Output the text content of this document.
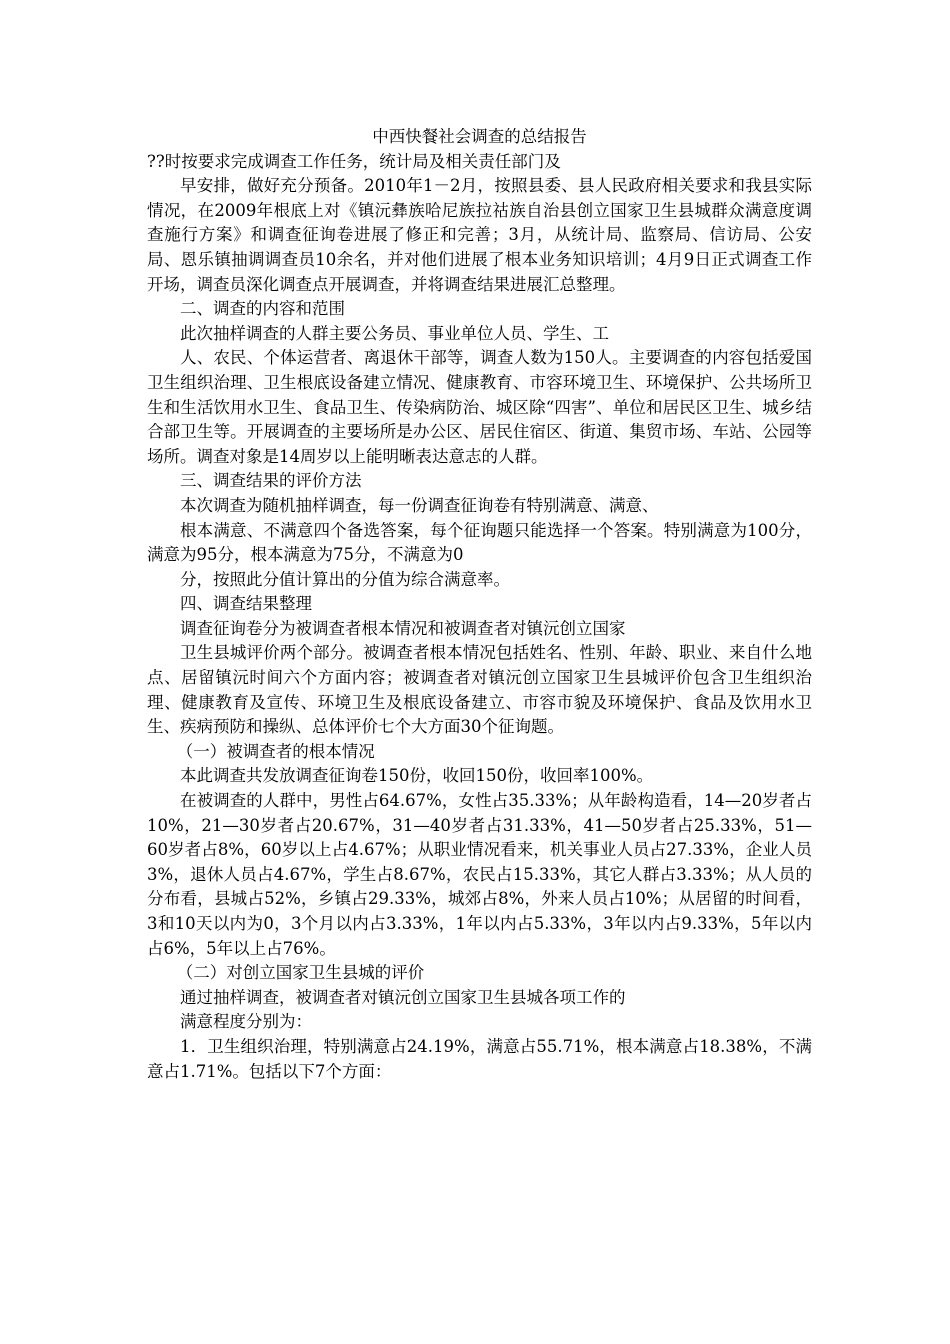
中西快餐社会调查的总结报告

??时按要求完成调查工作任务，统计局及相关责任部门及

早安排，做好充分预备。2010年1－2月，按照县委、县人民政府相关要求和我县实际情况，在2009年根底上对《镇沅彝族哈尼族拉祜族自治县创立国家卫生县城群众满意度调查施行方案》和调查征询卷进展了修正和完善；3月，从统计局、监察局、信访局、公安局、恩乐镇抽调调查员10余名，并对他们进展了根本业务知识培训；4月9日正式调查工作开场，调查员深化调查点开展调查，并将调查结果进展汇总整理。

二、调查的内容和范围

此次抽样调查的人群主要公务员、事业单位人员、学生、工

人、农民、个体运营者、离退休干部等，调查人数为150人。主要调查的内容包括爱国卫生组织治理、卫生根底设备建立情况、健康教育、市容环境卫生、环境保护、公共场所卫生和生活饮用水卫生、食品卫生、传染病防治、城区除“四害”、单位和居民区卫生、城乡结合部卫生等。开展调查的主要场所是办公区、居民住宿区、街道、集贸市场、车站、公园等场所。调查对象是14周岁以上能明晰表达意志的人群。

三、调查结果的评价方法

本次调查为随机抽样调查，每一份调查征询卷有特别满意、满意、

根本满意、不满意四个备选答案，每个征询题只能选择一个答案。特别满意为100分，满意为95分，根本满意为75分，不满意为0

分，按照此分值计算出的分值为综合满意率。

四、调查结果整理

调查征询卷分为被调查者根本情况和被调查者对镇沅创立国家

卫生县城评价两个部分。被调查者根本情况包括姓名、性别、年龄、职业、来自什么地点、居留镇沅时间六个方面内容；被调查者对镇沅创立国家卫生县城评价包含卫生组织治理、健康教育及宣传、环境卫生及根底设备建立、市容市貌及环境保护、食品及饮用水卫生、疾病预防和操纵、总体评价七个大方面30个征询题。

（一）被调查者的根本情况

本此调查共发放调查征询卷150份，收回150份，收回率100%。

在被调查的人群中，男性占64.67%，女性占35.33%；从年龄构造看，14—20岁者占10%，21—30岁者占20.67%，31—40岁者占31.33%，41—50岁者占25.33%，51—60岁者占8%，60岁以上占4.67%；从职业情况看来，机关事业人员占27.33%，企业人员3%，退休人员占4.67%，学生占8.67%，农民占15.33%，其它人群占3.33%；从人员的分布看，县城占52%，乡镇占29.33%，城郊占8%，外来人员占10%；从居留的时间看，3和10天以内为0，3个月以内占3.33%，1年以内占5.33%，3年以内占9.33%，5年以内占6%，5年以上占76%。

（二）对创立国家卫生县城的评价

通过抽样调查，被调查者对镇沅创立国家卫生县城各项工作的

满意程度分别为：

1．卫生组织治理，特别满意占24.19%，满意占55.71%，根本满意占18.38%，不满意占1.71%。包括以下7个方面：
